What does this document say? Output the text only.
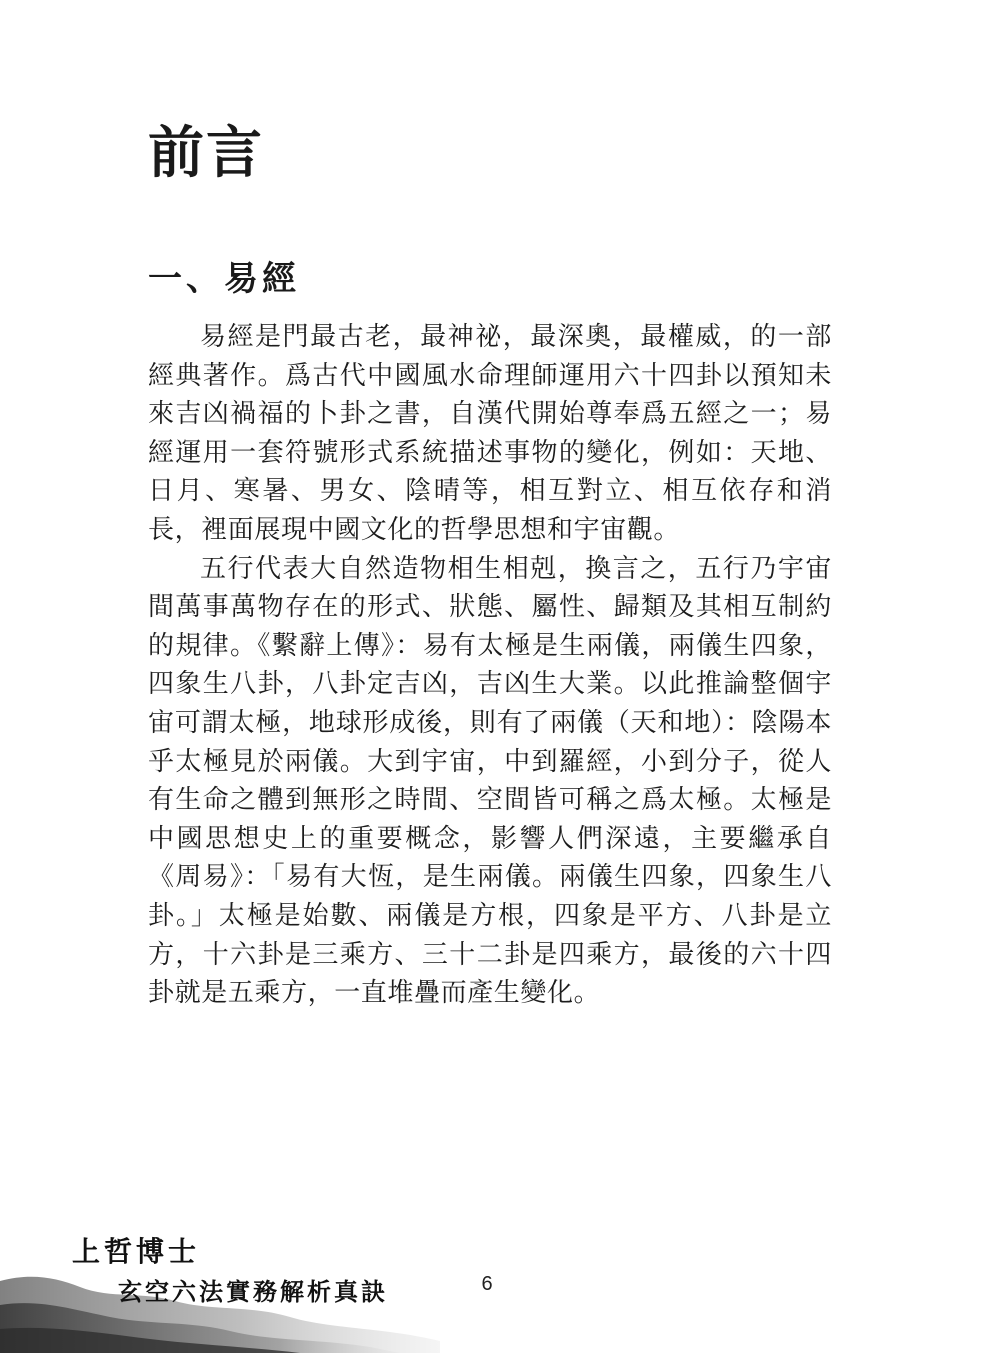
前言
一、易經

易經是門最古老，最神祕，最深奧，最權威，的一部經典著作。爲古代中國風水命理師運用六十四卦以預知未來吉凶禍福的卜卦之書，自漢代開始尊奉爲五經之一；易經運用一套符號形式系統描述事物的變化，例如：天地、日月、寒暑、男女、陰晴等，相互對立、相互依存和消長，裡面展現中國文化的哲學思想和宇宙觀。

五行代表大自然造物相生相剋，換言之，五行乃宇宙間萬事萬物存在的形式、狀態、屬性、歸類及其相互制約的規律。《繫辭上傳》：易有太極是生兩儀，兩儀生四象，四象生八卦，八卦定吉凶，吉凶生大業。以此推論整個宇宙可謂太極，地球形成後，則有了兩儀（天和地）：陰陽本乎太極見於兩儀。大到宇宙，中到羅經，小到分子，從人有生命之體到無形之時間、空間皆可稱之爲太極。太極是中國思想史上的重要概念，影響人們深遠，主要繼承自《周易》：「易有大恆，是生兩儀。兩儀生四象，四象生八卦。」太極是始數、兩儀是方根，四象是平方、八卦是立方，十六卦是三乘方、三十二卦是四乘方，最後的六十四卦就是五乘方，一直堆疊而產生變化。

上哲博士
玄空六法實務解析真訣	6
